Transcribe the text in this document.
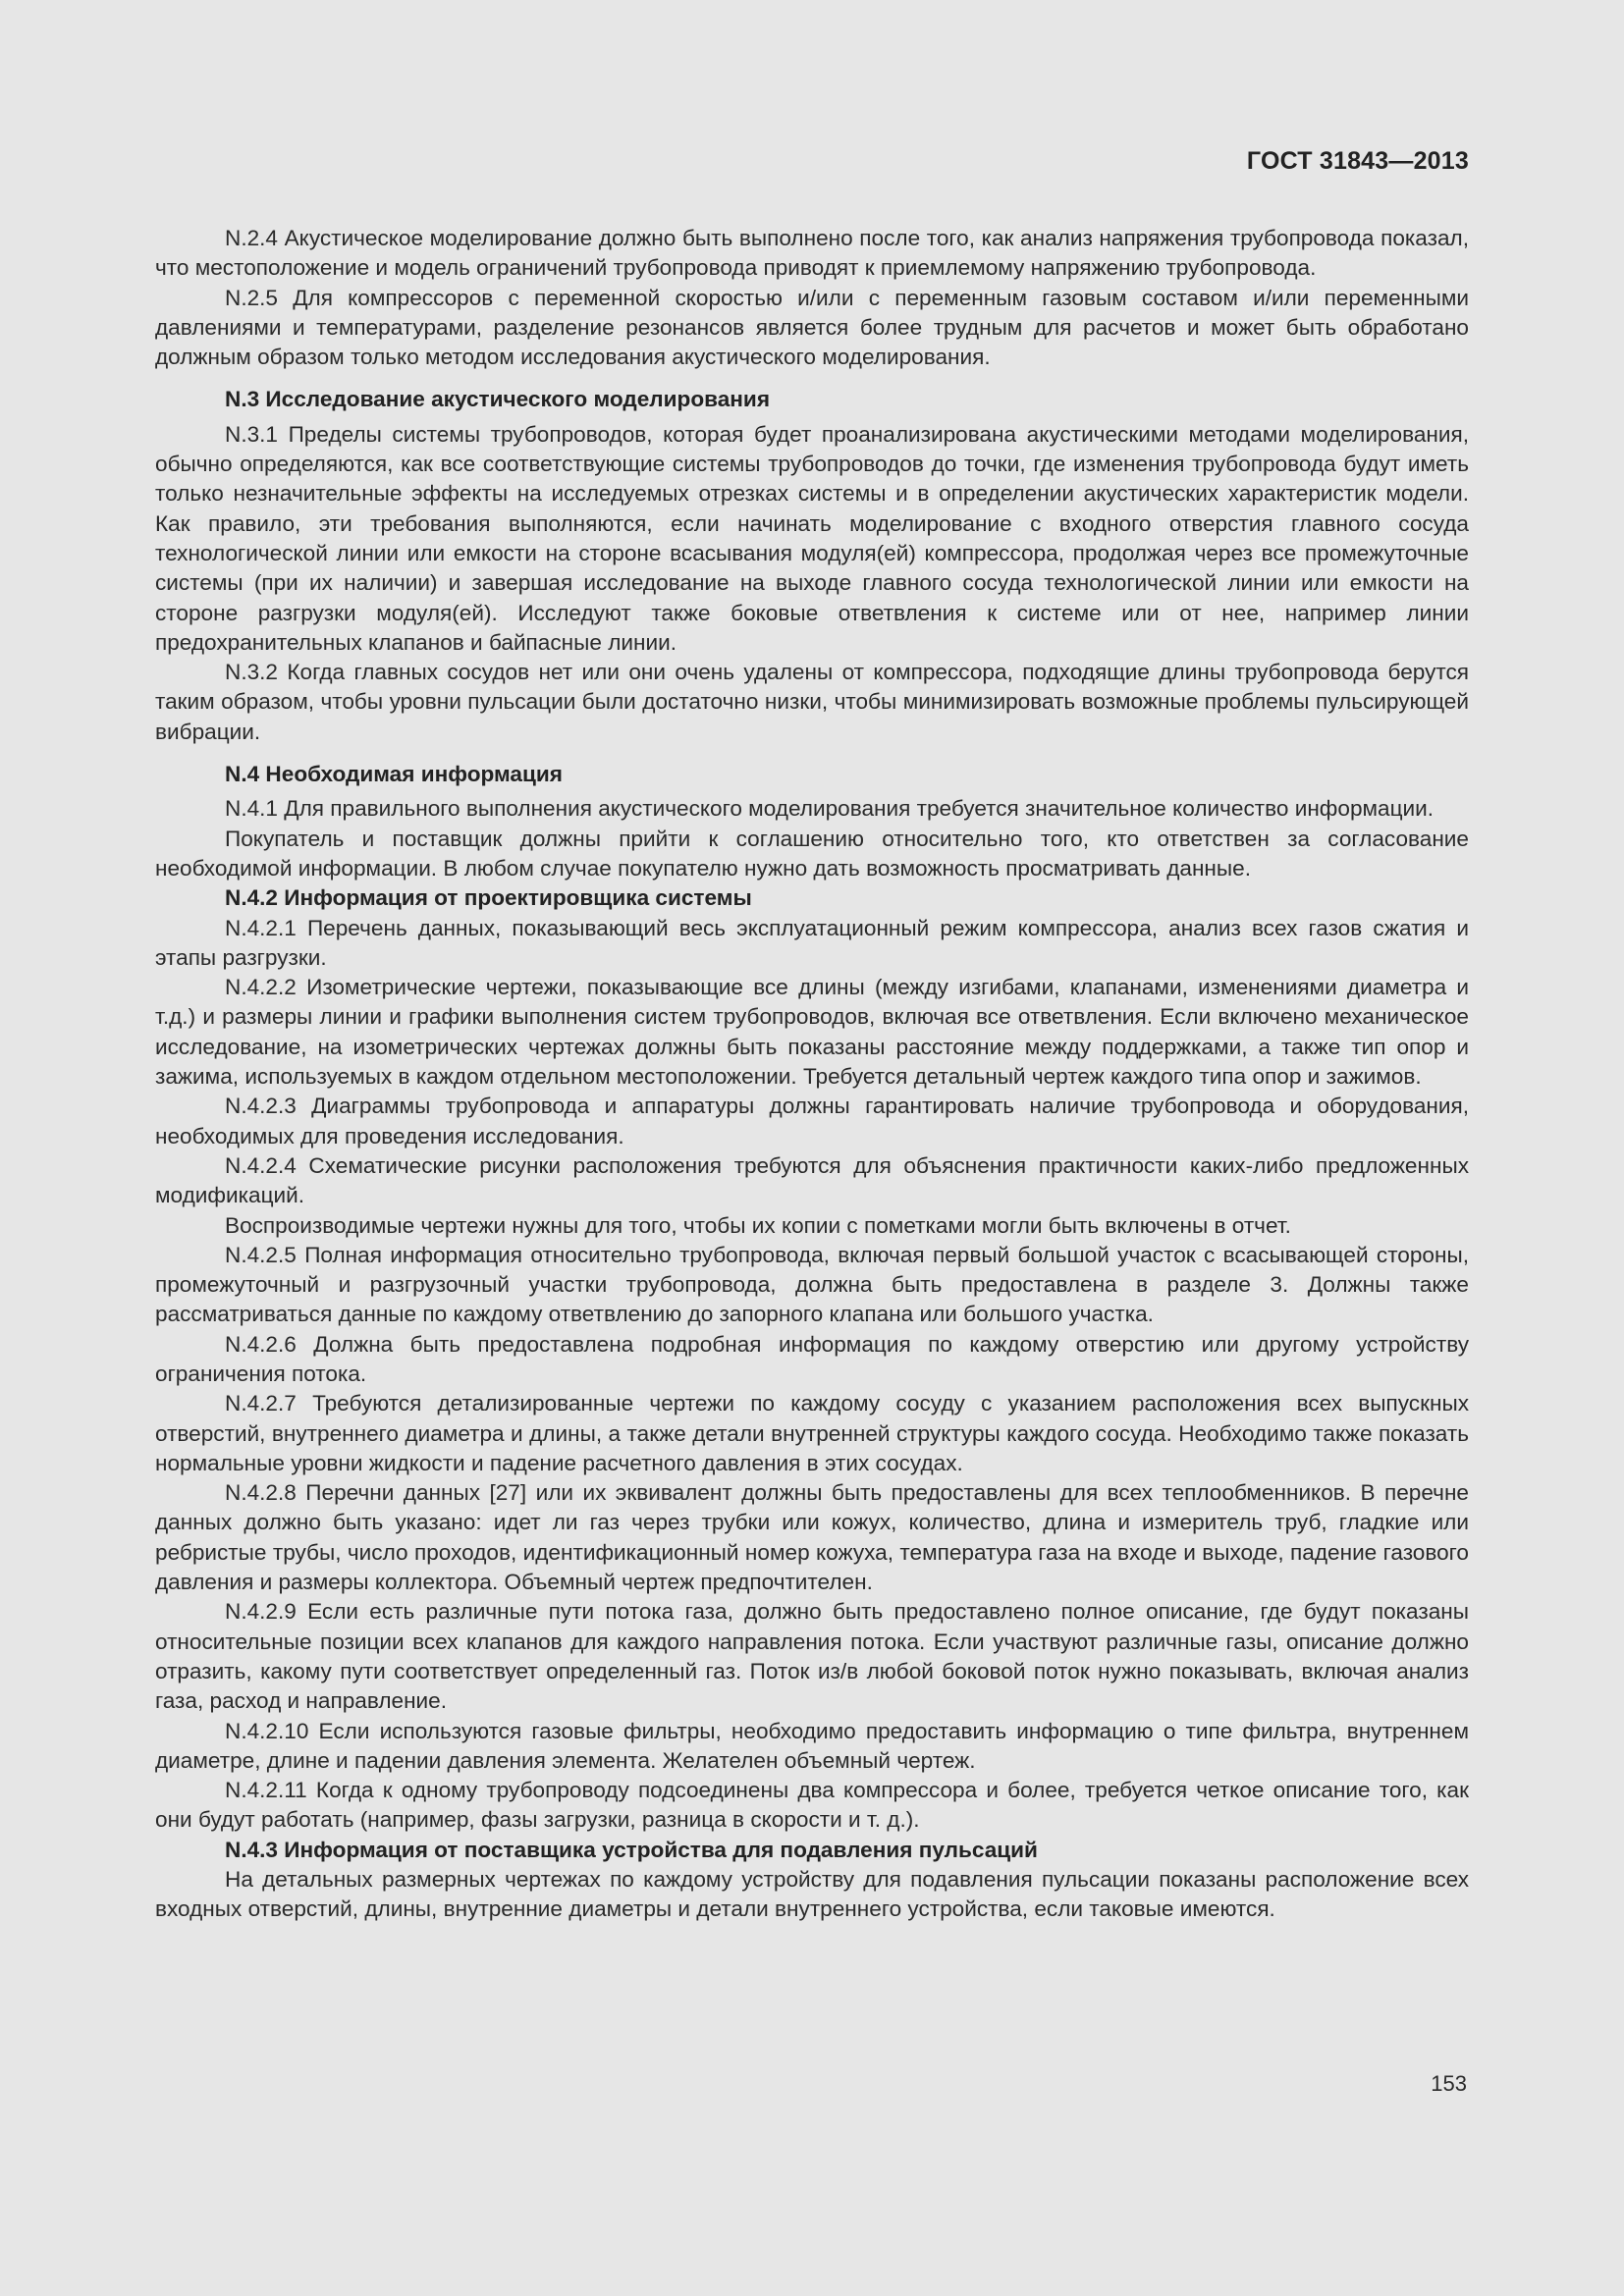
ГОСТ 31843—2013
N.2.4 Акустическое моделирование должно быть выполнено после того, как анализ напряжения трубопровода показал, что местоположение и модель ограничений трубопровода приводят к приемлемому напряжению трубопровода.
N.2.5 Для компрессоров с переменной скоростью и/или с переменным газовым составом и/или переменными давлениями и температурами, разделение резонансов является более трудным для расчетов и может быть обработано должным образом только методом исследования акустического моделирования.
N.3 Исследование акустического моделирования
N.3.1 Пределы системы трубопроводов, которая будет проанализирована акустическими методами моделирования, обычно определяются, как все соответствующие системы трубопроводов до точки, где изменения трубопровода будут иметь только незначительные эффекты на исследуемых отрезках системы и в определении акустических характеристик модели. Как правило, эти требования выполняются, если начинать моделирование с входного отверстия главного сосуда технологической линии или емкости на стороне всасывания модуля(ей) компрессора, продолжая через все промежуточные системы (при их наличии) и завершая исследование на выходе главного сосуда технологической линии или емкости на стороне разгрузки модуля(ей). Исследуют также боковые ответвления к системе или от нее, например линии предохранительных клапанов и байпасные линии.
N.3.2 Когда главных сосудов нет или они очень удалены от компрессора, подходящие длины трубопровода берутся таким образом, чтобы уровни пульсации были достаточно низки, чтобы минимизировать возможные проблемы пульсирующей вибрации.
N.4 Необходимая информация
N.4.1 Для правильного выполнения акустического моделирования требуется значительное количество информации.
Покупатель и поставщик должны прийти к соглашению относительно того, кто ответствен за согласование необходимой информации. В любом случае покупателю нужно дать возможность просматривать данные.
N.4.2 Информация от проектировщика системы
N.4.2.1 Перечень данных, показывающий весь эксплуатационный режим компрессора, анализ всех газов сжатия и этапы разгрузки.
N.4.2.2 Изометрические чертежи, показывающие все длины (между изгибами, клапанами, изменениями диаметра и т.д.) и размеры линии и графики выполнения систем трубопроводов, включая все ответвления. Если включено механическое исследование, на изометрических чертежах должны быть показаны расстояние между поддержками, а также тип опор и зажима, используемых в каждом отдельном местоположении. Требуется детальный чертеж каждого типа опор и зажимов.
N.4.2.3 Диаграммы трубопровода и аппаратуры должны гарантировать наличие трубопровода и оборудования, необходимых для проведения исследования.
N.4.2.4 Схематические рисунки расположения требуются для объяснения практичности каких-либо предложенных модификаций.
Воспроизводимые чертежи нужны для того, чтобы их копии с пометками могли быть включены в отчет.
N.4.2.5 Полная информация относительно трубопровода, включая первый большой участок с всасывающей стороны, промежуточный и разгрузочный участки трубопровода, должна быть предоставлена в разделе 3. Должны также рассматриваться данные по каждому ответвлению до запорного клапана или большого участка.
N.4.2.6 Должна быть предоставлена подробная информация по каждому отверстию или другому устройству ограничения потока.
N.4.2.7 Требуются детализированные чертежи по каждому сосуду с указанием расположения всех выпускных отверстий, внутреннего диаметра и длины, а также детали внутренней структуры каждого сосуда. Необходимо также показать нормальные уровни жидкости и падение расчетного давления в этих сосудах.
N.4.2.8 Перечни данных [27] или их эквивалент должны быть предоставлены для всех теплообменников. В перечне данных должно быть указано: идет ли газ через трубки или кожух, количество, длина и измеритель труб, гладкие или ребристые трубы, число проходов, идентификационный номер кожуха, температура газа на входе и выходе, падение газового давления и размеры коллектора. Объемный чертеж предпочтителен.
N.4.2.9 Если есть различные пути потока газа, должно быть предоставлено полное описание, где будут показаны относительные позиции всех клапанов для каждого направления потока. Если участвуют различные газы, описание должно отразить, какому пути соответствует определенный газ. Поток из/в любой боковой поток нужно показывать, включая анализ газа, расход и направление.
N.4.2.10 Если используются газовые фильтры, необходимо предоставить информацию о типе фильтра, внутреннем диаметре, длине и падении давления элемента. Желателен объемный чертеж.
N.4.2.11 Когда к одному трубопроводу подсоединены два компрессора и более, требуется четкое описание того, как они будут работать (например, фазы загрузки, разница в скорости и т. д.).
N.4.3 Информация от поставщика устройства для подавления пульсаций
На детальных размерных чертежах по каждому устройству для подавления пульсации показаны расположение всех входных отверстий, длины, внутренние диаметры и детали внутреннего устройства, если таковые имеются.
153
